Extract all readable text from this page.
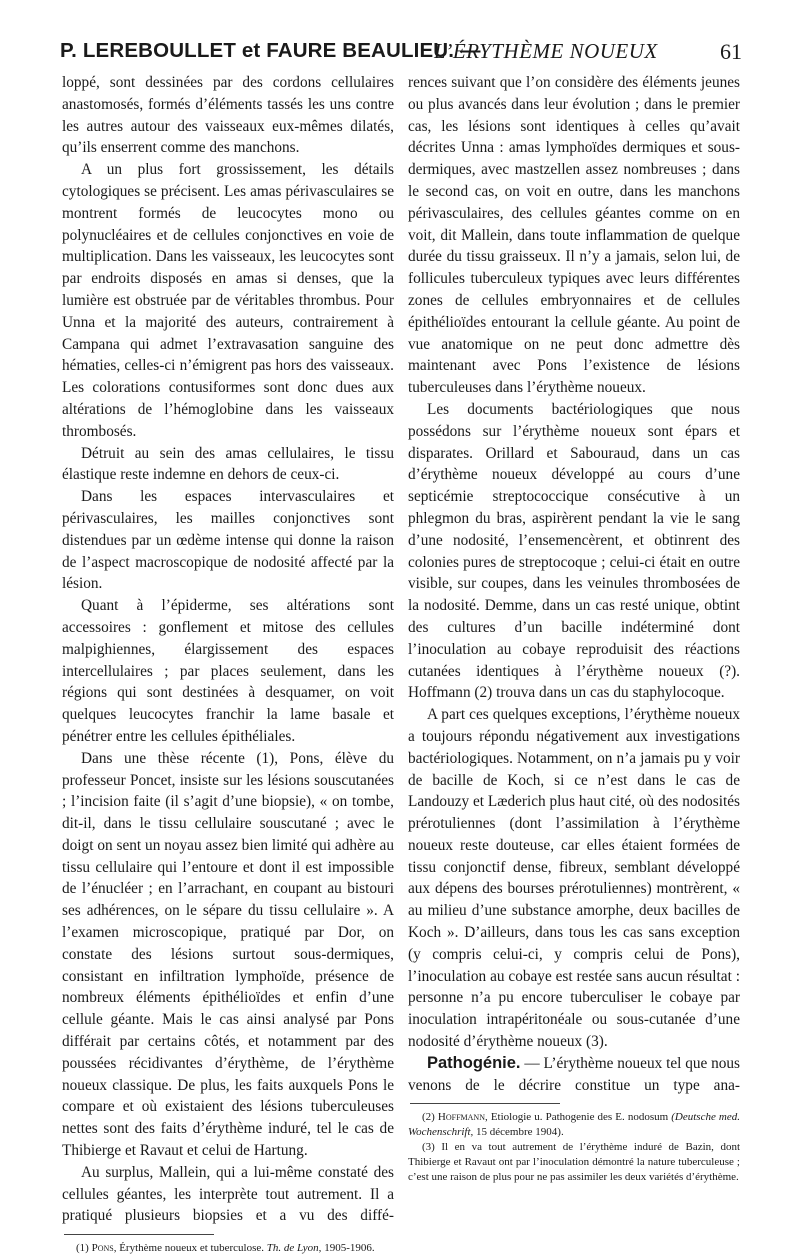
P. LEREBOULLET et FAURE BEAULIEU. —
L’ÉRYTHÈME NOUEUX	61

loppé, sont dessinées par des cordons cellulaires anastomosés, formés d’éléments tassés les uns contre les autres autour des vaisseaux eux-mêmes dilatés, qu’ils enserrent comme des manchons.

A un plus fort grossissement, les détails cytologiques se précisent. Les amas périvasculaires se montrent formés de leucocytes mono ou polynucléaires et de cellules conjonctives en voie de multiplication. Dans les vaisseaux, les leucocytes sont par endroits disposés en amas si denses, que la lumière est obstruée par de véritables thrombus. Pour Unna et la majorité des auteurs, contrairement à Campana qui admet l’extravasation sanguine des hématies, celles-ci n’émigrent pas hors des vaisseaux. Les colorations contusiformes sont donc dues aux altérations de l’hémoglobine dans les vaisseaux thrombosés.

Détruit au sein des amas cellulaires, le tissu élastique reste indemne en dehors de ceux-ci.

Dans les espaces intervasculaires et périvasculaires, les mailles conjonctives sont distendues par un œdème intense qui donne la raison de l’aspect macroscopique de nodosité affecté par la lésion.

Quant à l’épiderme, ses altérations sont accessoires : gonflement et mitose des cellules malpighiennes, élargissement des espaces intercellulaires ; par places seulement, dans les régions qui sont destinées à desquamer, on voit quelques leucocytes franchir la lame basale et pénétrer entre les cellules épithéliales.

Dans une thèse récente (1), Pons, élève du professeur Poncet, insiste sur les lésions souscutanées ; l’incision faite (il s’agit d’une biopsie), « on tombe, dit-il, dans le tissu cellulaire souscutané ; avec le doigt on sent un noyau assez bien limité qui adhère au tissu cellulaire qui l’entoure et dont il est impossible de l’énucléer ; en l’arrachant, en coupant au bistouri ses adhérences, on le sépare du tissu cellulaire ». A l’examen microscopique, pratiqué par Dor, on constate des lésions surtout sous-dermiques, consistant en infiltration lymphoïde, présence de nombreux éléments épithélioïdes et enfin d’une cellule géante. Mais le cas ainsi analysé par Pons différait par certains côtés, et notamment par des poussées récidivantes d’érythème, de l’érythème noueux classique. De plus, les faits auxquels Pons le compare et où existaient des lésions tuberculeuses nettes sont des faits d’érythème induré, tel le cas de Thibierge et Ravaut et celui de Hartung.

Au surplus, Mallein, qui a lui-même constaté des cellules géantes, les interprète tout autrement. Il a pratiqué plusieurs biopsies et a vu des diffé-

(1) Pons, Érythème noueux et tuberculose. Th. de Lyon, 1905-1906.

rences suivant que l’on considère des éléments jeunes ou plus avancés dans leur évolution ; dans le premier cas, les lésions sont identiques à celles qu’avait décrites Unna : amas lymphoïdes dermiques et sous-dermiques, avec mastzellen assez nombreuses ; dans le second cas, on voit en outre, dans les manchons périvasculaires, des cellules géantes comme on en voit, dit Mallein, dans toute inflammation de quelque durée du tissu graisseux. Il n’y a jamais, selon lui, de follicules tuberculeux typiques avec leurs différentes zones de cellules embryonnaires et de cellules épithélioïdes entourant la cellule géante. Au point de vue anatomique on ne peut donc admettre dès maintenant avec Pons l’existence de lésions tuberculeuses dans l’érythème noueux.

Les documents bactériologiques que nous possédons sur l’érythème noueux sont épars et disparates. Orillard et Sabouraud, dans un cas d’érythème noueux développé au cours d’une septicémie streptococcique consécutive à un phlegmon du bras, aspirèrent pendant la vie le sang d’une nodosité, l’ensemencèrent, et obtinrent des colonies pures de streptocoque ; celui-ci était en outre visible, sur coupes, dans les veinules thrombosées de la nodosité. Demme, dans un cas resté unique, obtint des cultures d’un bacille indéterminé dont l’inoculation au cobaye reproduisit des réactions cutanées identiques à l’érythème noueux (?). Hoffmann (2) trouva dans un cas du staphylocoque.

A part ces quelques exceptions, l’érythème noueux a toujours répondu négativement aux investigations bactériologiques. Notamment, on n’a jamais pu y voir de bacille de Koch, si ce n’est dans le cas de Landouzy et Læderich plus haut cité, où des nodosités prérotuliennes (dont l’assimilation à l’érythème noueux reste douteuse, car elles étaient formées de tissu conjonctif dense, fibreux, semblant développé aux dépens des bourses prérotuliennes) montrèrent, « au milieu d’une substance amorphe, deux bacilles de Koch ». D’ailleurs, dans tous les cas sans exception (y compris celui-ci, y compris celui de Pons), l’inoculation au cobaye est restée sans aucun résultat : personne n’a pu encore tuberculiser le cobaye par inoculation intrapéritonéale ou sous-cutanée d’une nodosité d’érythème noueux (3).

Pathogénie. — L’érythème noueux tel que nous venons de le décrire constitue un type ana-

(2) Hoffmann, Etiologie u. Pathogenie des E. nodosum (Deutsche med. Wochenschrift, 15 décembre 1904).

(3) Il en va tout autrement de l’érythème induré de Bazin, dont Thibierge et Ravaut ont par l’inoculation démontré la nature tuberculeuse ; c’est une raison de plus pour ne pas assimiler les deux variétés d’érythème.
